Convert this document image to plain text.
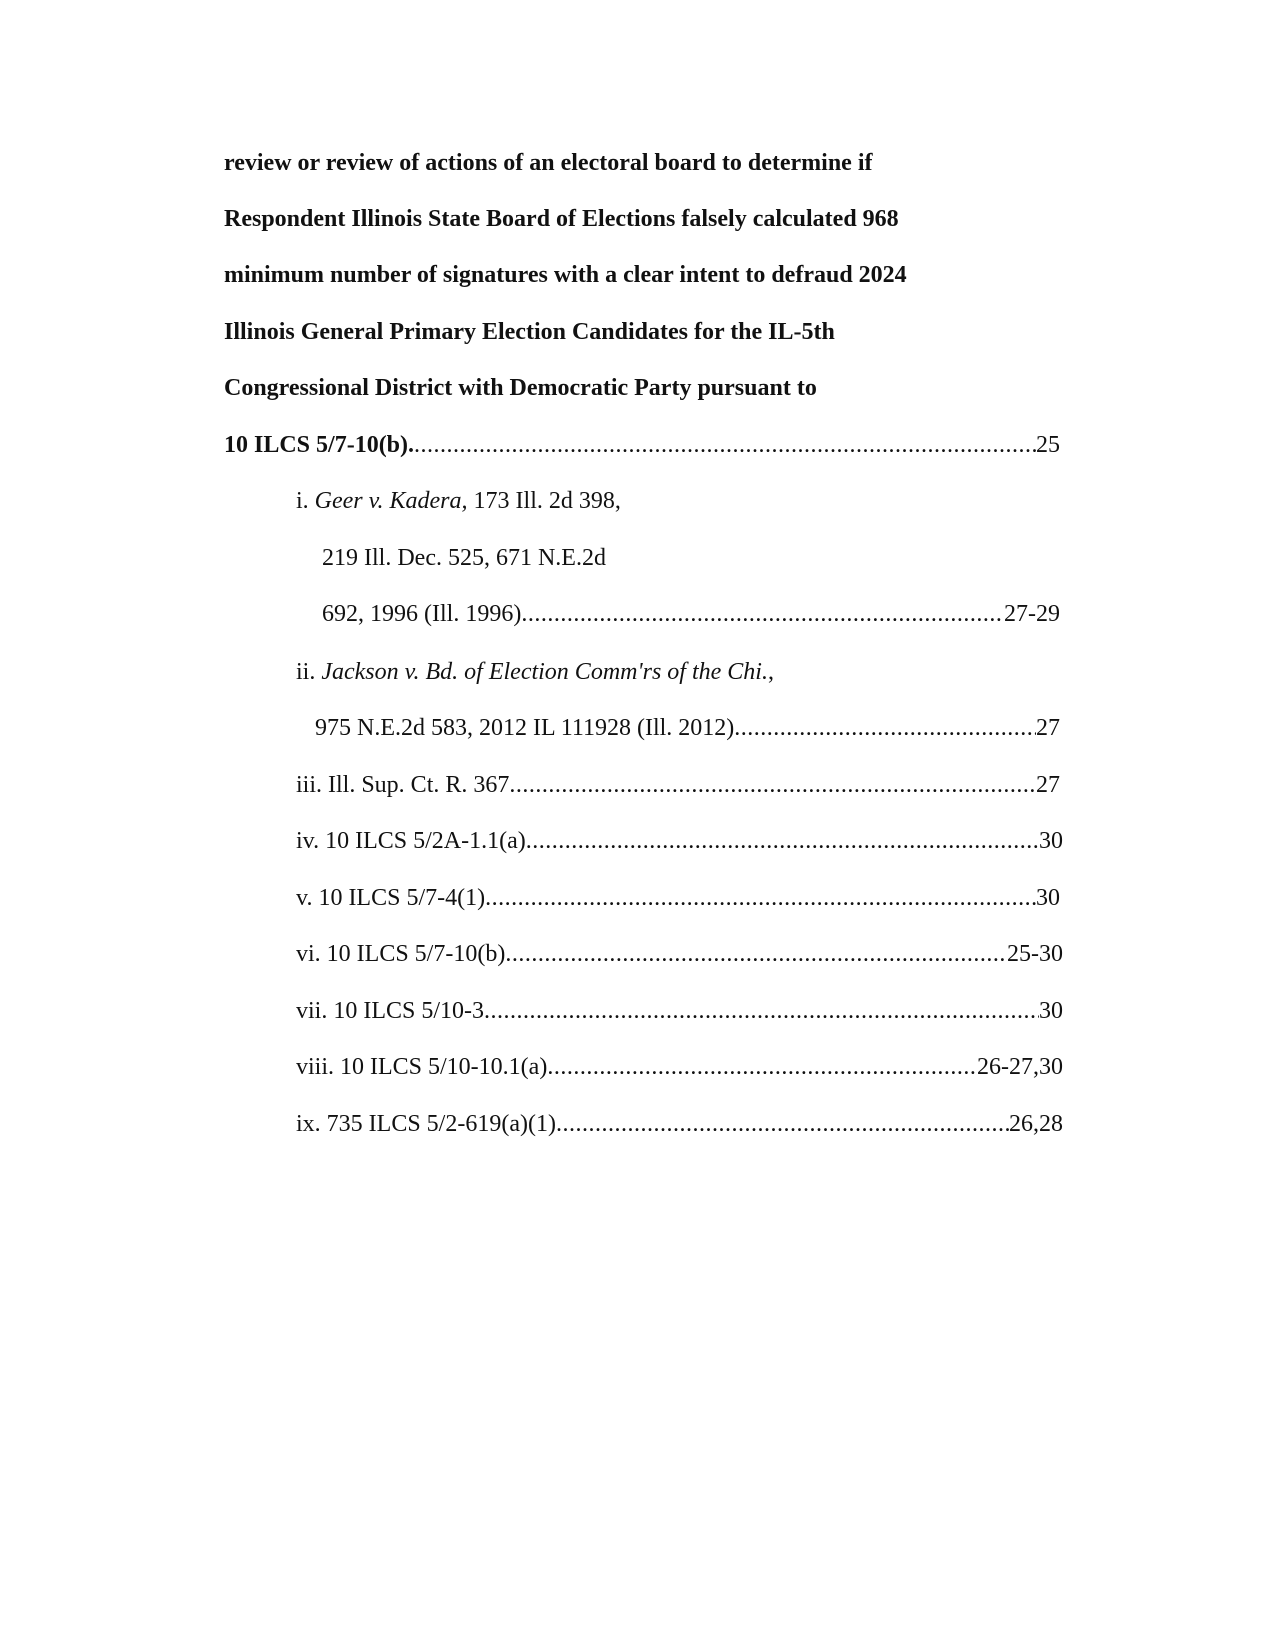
review or review of actions of an electoral board to determine if
Respondent Illinois State Board of Elections falsely calculated 968
minimum number of signatures with a clear intent to defraud 2024
Illinois General Primary Election Candidates for the IL-5th
Congressional District with Democratic Party pursuant to
10 ILCS 5/7-10(b). .....	25
i. Geer v. Kadera, 173 Ill. 2d 398,
219 Ill. Dec. 525, 671 N.E.2d
692, 1996 (Ill. 1996) .....	27-29
ii. Jackson v. Bd. of Election Comm'rs of the Chi.,
975 N.E.2d 583, 2012 IL 111928 (Ill. 2012) .....	27
iii. Ill. Sup. Ct. R. 367 .....	27
iv. 10 ILCS 5/2A-1.1(a) .....	30
v. 10 ILCS 5/7-4(1) .....	30
vi. 10 ILCS 5/7-10(b) .....	25-30
vii. 10 ILCS 5/10-3 .....	30
viii. 10 ILCS 5/10-10.1(a) .....	26-27,30
ix. 735 ILCS 5/2-619(a)(1) .....	26,28
